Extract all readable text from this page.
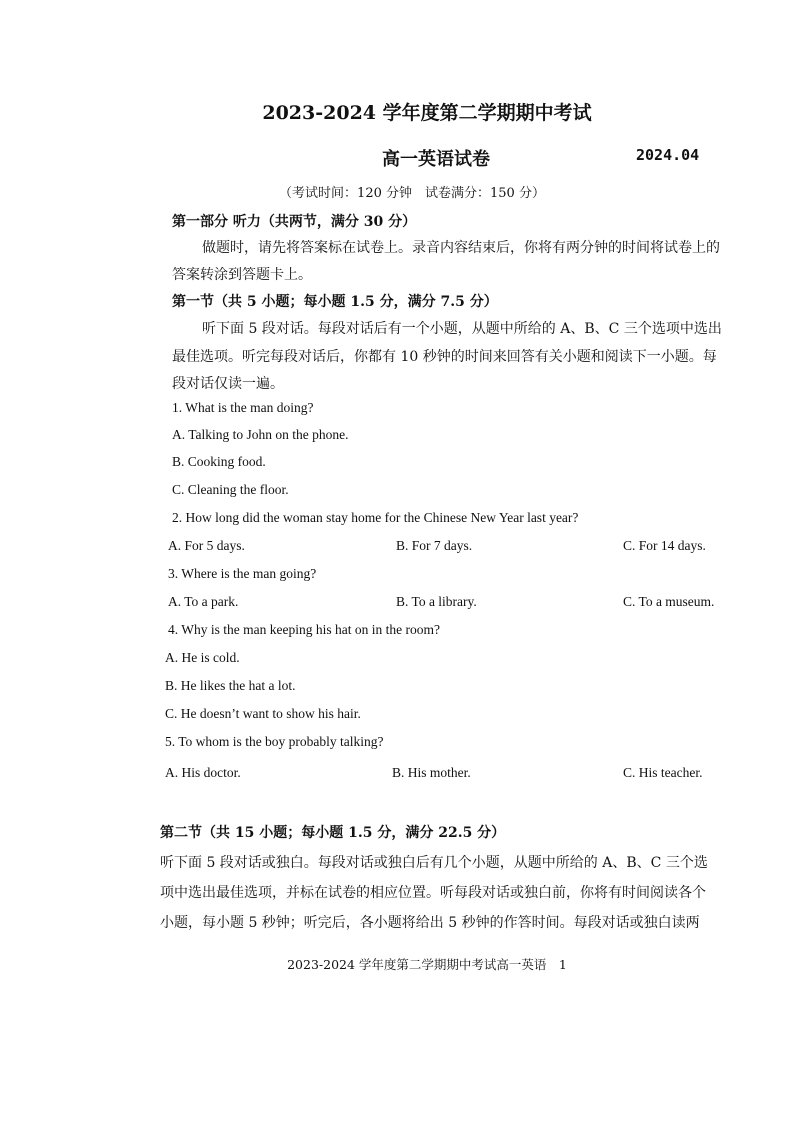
2023-2024 学年度第二学期期中考试
高一英语试卷	2024.04
（考试时间：120 分钟　试卷满分：150 分）
第一部分 听力（共两节，满分 30 分）
做题时，请先将答案标在试卷上。录音内容结束后，你将有两分钟的时间将试卷上的
答案转涂到答题卡上。
第一节（共 5 小题；每小题 1.5 分，满分 7.5 分）
听下面 5 段对话。每段对话后有一个小题，从题中所给的 A、B、C 三个选项中选出
最佳选项。听完每段对话后，你都有 10 秒钟的时间来回答有关小题和阅读下一小题。每
段对话仅读一遍。
1. What is the man doing?
A. Talking to John on the phone.
B. Cooking food.
C. Cleaning the floor.
2. How long did the woman stay home for the Chinese New Year last year?
A. For 5 days.	B. For 7 days.	C. For 14 days.
3. Where is the man going?
A. To a park.	B. To a library.	C. To a museum.
4. Why is the man keeping his hat on in the room?
A. He is cold.
B. He likes the hat a lot.
C. He doesn’t want to show his hair.
5. To whom is the boy probably talking?
A. His doctor.	B. His mother.	C. His teacher.
第二节（共 15 小题；每小题 1.5 分，满分 22.5 分）
听下面 5 段对话或独白。每段对话或独白后有几个小题，从题中所给的 A、B、C 三个选
项中选出最佳选项，并标在试卷的相应位置。听每段对话或独白前，你将有时间阅读各个
小题，每小题 5 秒钟；听完后，各小题将给出 5 秒钟的作答时间。每段对话或独白读两
2023-2024 学年度第二学期期中考试高一英语　1
